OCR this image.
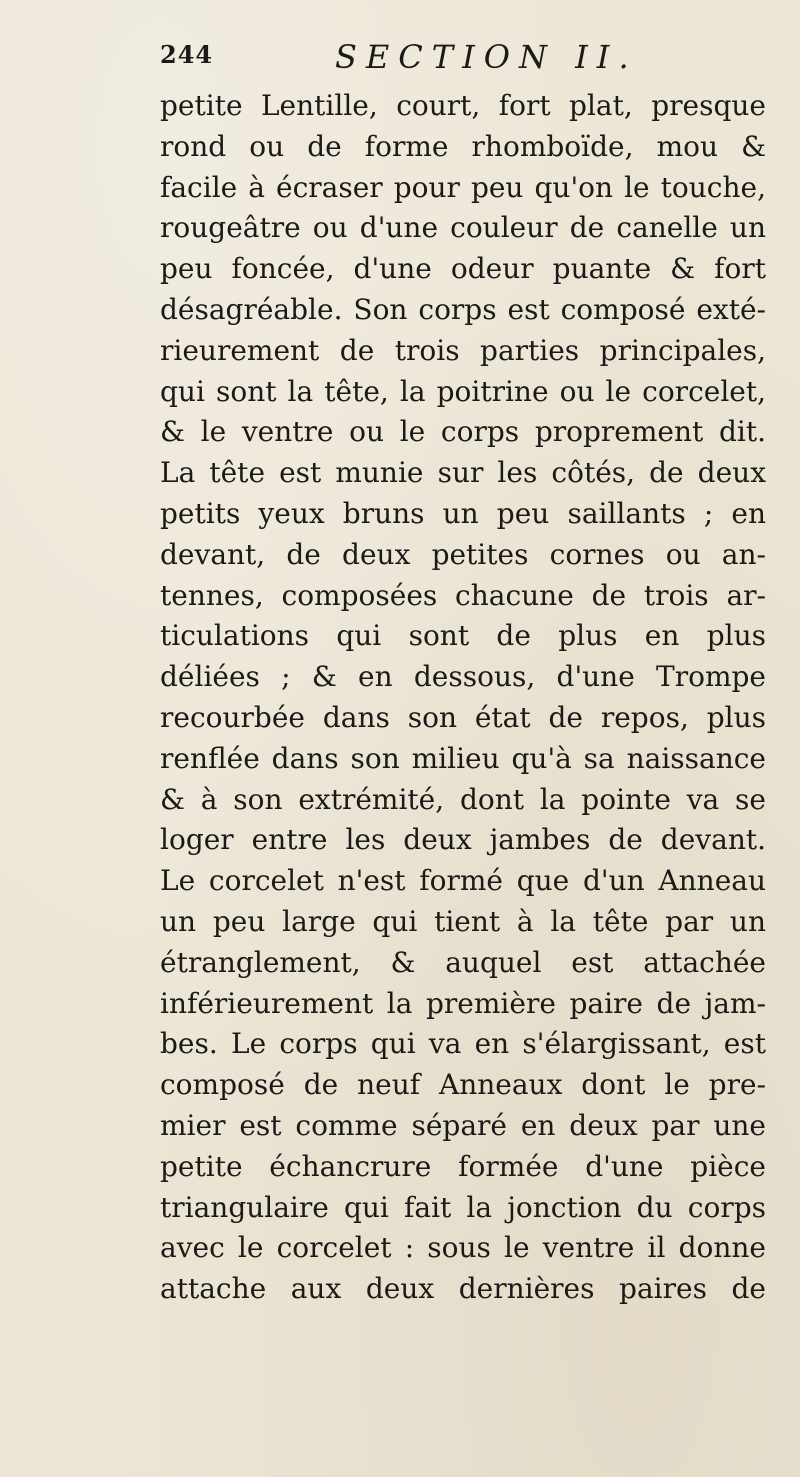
244	SECTION II.
petite Lentille, court, fort plat, presque
rond ou de forme rhomboïde, mou &
facile à écraser pour peu qu'on le touche,
rougeâtre ou d'une couleur de canelle un
peu foncée, d'une odeur puante & fort
désagréable. Son corps est composé exté-
rieurement de trois parties principales,
qui sont la tête, la poitrine ou le corcelet,
& le ventre ou le corps proprement dit.
La tête est munie sur les côtés, de deux
petits yeux bruns un peu saillants ; en
devant, de deux petites cornes ou an-
tennes, composées chacune de trois ar-
ticulations qui sont de plus en plus
déliées ; & en dessous, d'une Trompe
recourbée dans son état de repos, plus
renflée dans son milieu qu'à sa naissance
& à son extrémité, dont la pointe va se
loger entre les deux jambes de devant.
Le corcelet n'est formé que d'un Anneau
un peu large qui tient à la tête par un
étranglement, & auquel est attachée
inférieurement la première paire de jam-
bes. Le corps qui va en s'élargissant, est
composé de neuf Anneaux dont le pre-
mier est comme séparé en deux par une
petite échancrure formée d'une pièce
triangulaire qui fait la jonction du corps
avec le corcelet : sous le ventre il donne
attache aux deux dernières paires de
